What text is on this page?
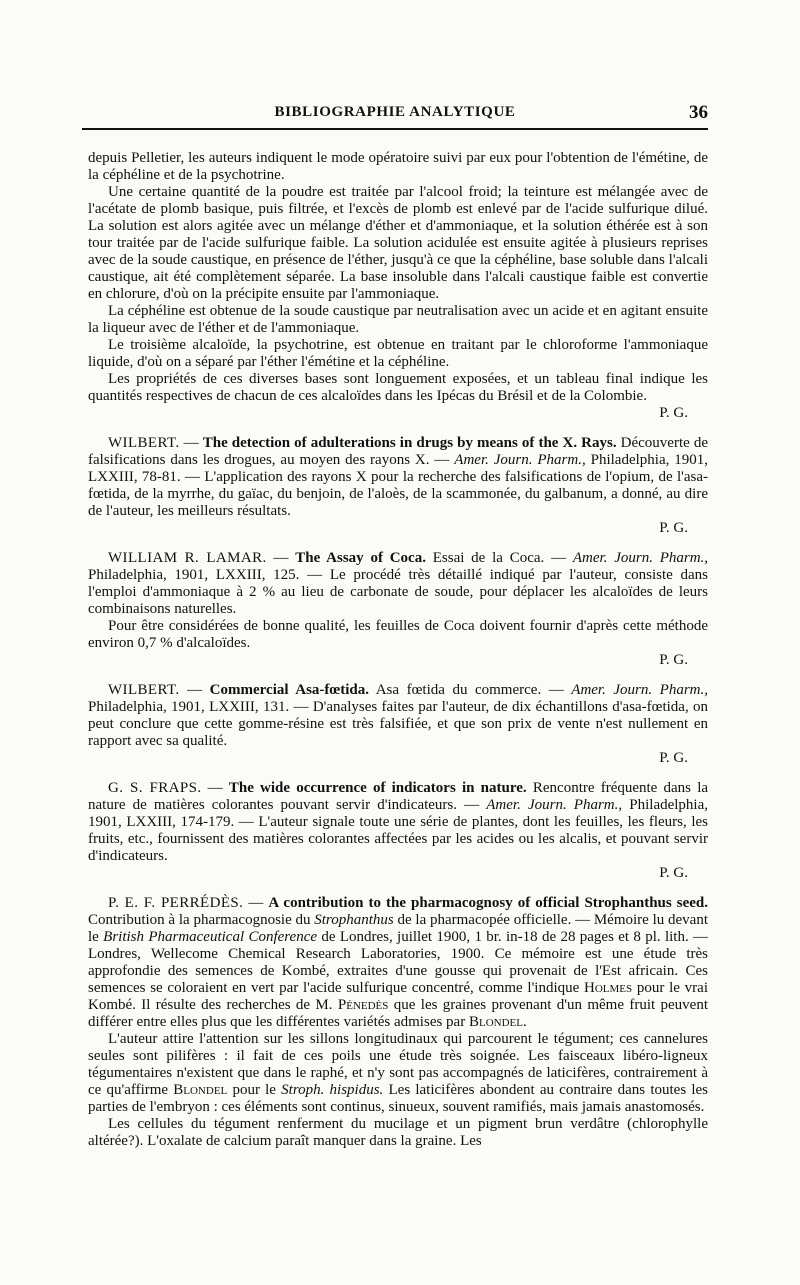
BIBLIOGRAPHIE ANALYTIQUE	36

depuis Pelletier, les auteurs indiquent le mode opératoire suivi par eux pour l'obtention de l'émétine, de la céphéline et de la psychotrine.

Une certaine quantité de la poudre est traitée par l'alcool froid; la teinture est mélangée avec de l'acétate de plomb basique, puis filtrée, et l'excès de plomb est enlevé par de l'acide sulfurique dilué. La solution est alors agitée avec un mélange d'éther et d'ammoniaque, et la solution éthérée est à son tour traitée par de l'acide sulfurique faible. La solution acidulée est ensuite agitée à plusieurs reprises avec de la soude caustique, en présence de l'éther, jusqu'à ce que la céphéline, base soluble dans l'alcali caustique, ait été complètement séparée. La base insoluble dans l'alcali caustique faible est convertie en chlorure, d'où on la précipite ensuite par l'ammoniaque.

La céphéline est obtenue de la soude caustique par neutralisation avec un acide et en agitant ensuite la liqueur avec de l'éther et de l'ammoniaque.

Le troisième alcaloïde, la psychotrine, est obtenue en traitant par le chloroforme l'ammoniaque liquide, d'où on a séparé par l'éther l'émétine et la céphéline.

Les propriétés de ces diverses bases sont longuement exposées, et un tableau final indique les quantités respectives de chacun de ces alcaloïdes dans les Ipécas du Brésil et de la Colombie.

P. G.

WILBERT. — The detection of adulterations in drugs by means of the X. Rays. Découverte de falsifications dans les drogues, au moyen des rayons X. — Amer. Journ. Pharm., Philadelphia, 1901, LXXIII, 78-81. — L'application des rayons X pour la recherche des falsifications de l'opium, de l'asa-fœtida, de la myrrhe, du gaïac, du benjoin, de l'aloès, de la scammonée, du galbanum, a donné, au dire de l'auteur, les meilleurs résultats.

P. G.

WILLIAM R. LAMAR. — The Assay of Coca. Essai de la Coca. — Amer. Journ. Pharm., Philadelphia, 1901, LXXIII, 125. — Le procédé très détaillé indiqué par l'auteur, consiste dans l'emploi d'ammoniaque à 2 % au lieu de carbonate de soude, pour déplacer les alcaloïdes de leurs combinaisons naturelles.

Pour être considérées de bonne qualité, les feuilles de Coca doivent fournir d'après cette méthode environ 0,7 % d'alcaloïdes.

P. G.

WILBERT. — Commercial Asa-fœtida. Asa fœtida du commerce. — Amer. Journ. Pharm., Philadelphia, 1901, LXXIII, 131. — D'analyses faites par l'auteur, de dix échantillons d'asa-fœtida, on peut conclure que cette gomme-résine est très falsifiée, et que son prix de vente n'est nullement en rapport avec sa qualité.

P. G.

G. S. FRAPS. — The wide occurrence of indicators in nature. Rencontre fréquente dans la nature de matières colorantes pouvant servir d'indicateurs. — Amer. Journ. Pharm., Philadelphia, 1901, LXXIII, 174-179. — L'auteur signale toute une série de plantes, dont les feuilles, les fleurs, les fruits, etc., fournissent des matières colorantes affectées par les acides ou les alcalis, et pouvant servir d'indicateurs.

P. G.

P. E. F. PERRÉDÈS. — A contribution to the pharmacognosy of official Strophanthus seed. Contribution à la pharmacognosie du Strophanthus de la pharmacopée officielle. — Mémoire lu devant le British Pharmaceutical Conference de Londres, juillet 1900, 1 br. in-18 de 28 pages et 8 pl. lith. — Londres, Wellecome Chemical Research Laboratories, 1900. Ce mémoire est une étude très approfondie des semences de Kombé, extraites d'une gousse qui provenait de l'Est africain. Ces semences se coloraient en vert par l'acide sulfurique concentré, comme l'indique Holmes pour le vrai Kombé. Il résulte des recherches de M. Pénedès que les graines provenant d'un même fruit peuvent différer entre elles plus que les différentes variétés admises par Blondel.

L'auteur attire l'attention sur les sillons longitudinaux qui parcourent le tégument; ces cannelures seules sont pilifères : il fait de ces poils une étude très soignée. Les faisceaux libéro-ligneux tégumentaires n'existent que dans le raphé, et n'y sont pas accompagnés de laticifères, contrairement à ce qu'affirme Blondel pour le Stroph. hispidus. Les laticifères abondent au contraire dans toutes les parties de l'embryon : ces éléments sont continus, sinueux, souvent ramifiés, mais jamais anastomosés.

Les cellules du tégument renferment du mucilage et un pigment brun verdâtre (chlorophylle altérée?). L'oxalate de calcium paraît manquer dans la graine. Les
